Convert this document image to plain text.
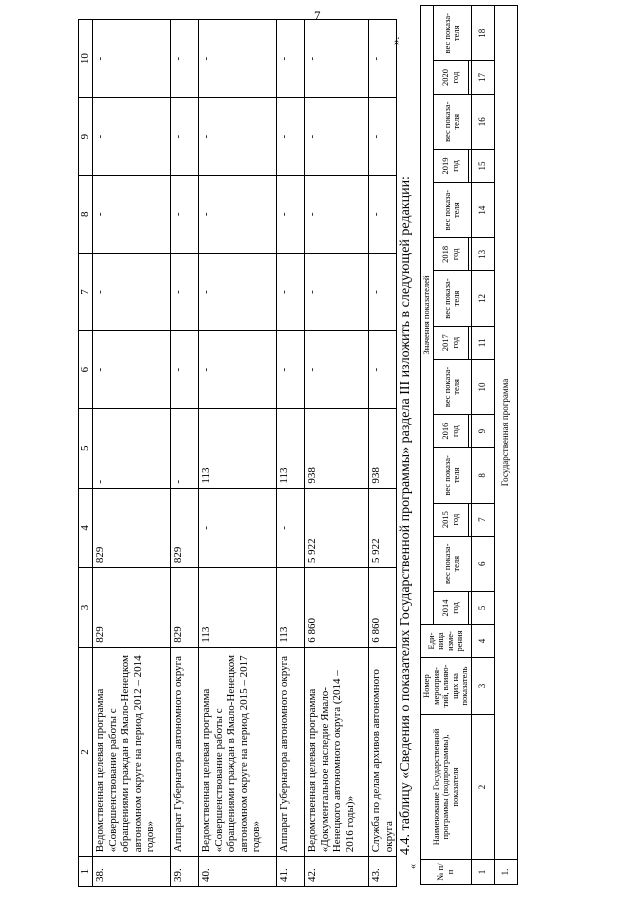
7
1	2	3	4	5	6	7	8	9	10
38.	Ведомственная целевая программа «Совершенствование работы с обращениями граждан в Ямало-Ненецком автономном округе на период 2012 – 2014 годов»	829	829	-	-	-	-	-	-
39.	Аппарат Губернатора автономного округа	829	829	-	-	-	-	-	-
40.	Ведомственная целевая программа «Совершенствование работы с обращениями граждан в Ямало-Ненецком автономном округе на период 2015 – 2017 годов»	113	-	113	-	-	-	-	-
41.	Аппарат Губернатора автономного округа	113	-	113	-	-	-	-	-
42.	Ведомственная целевая программа «Документальное наследие Ямало-Ненецкого автономного округа (2014 – 2016 годы)»	6 860	5 922	938	-	-	-	-	-
43.	Служба по делам архивов автономного округа	6 860	5 922	938	-	-	-	-	-
».
4.4. таблицу «Сведения о показателях Государственной программы» раздела III изложить в следующей редакции:
« № п/п	Наименование Государственной программы (подпрограммы), показателя	Номер мероприя-тий, влияю-щих на показатель	Еди-ница изме-рения	Значения показателей													
				2014 год	вес показа-теля	2015 год	вес показа-теля	2016 год	вес показа-теля	2017 год	вес показа-теля	2018 год	вес показа-теля	2019 год	вес показа-теля	2020 год	вес показа-теля

1	2	3	4	5	6	7	8	9	10	11	12	13	14	15	16	17	18
1.	Государственная программа																
